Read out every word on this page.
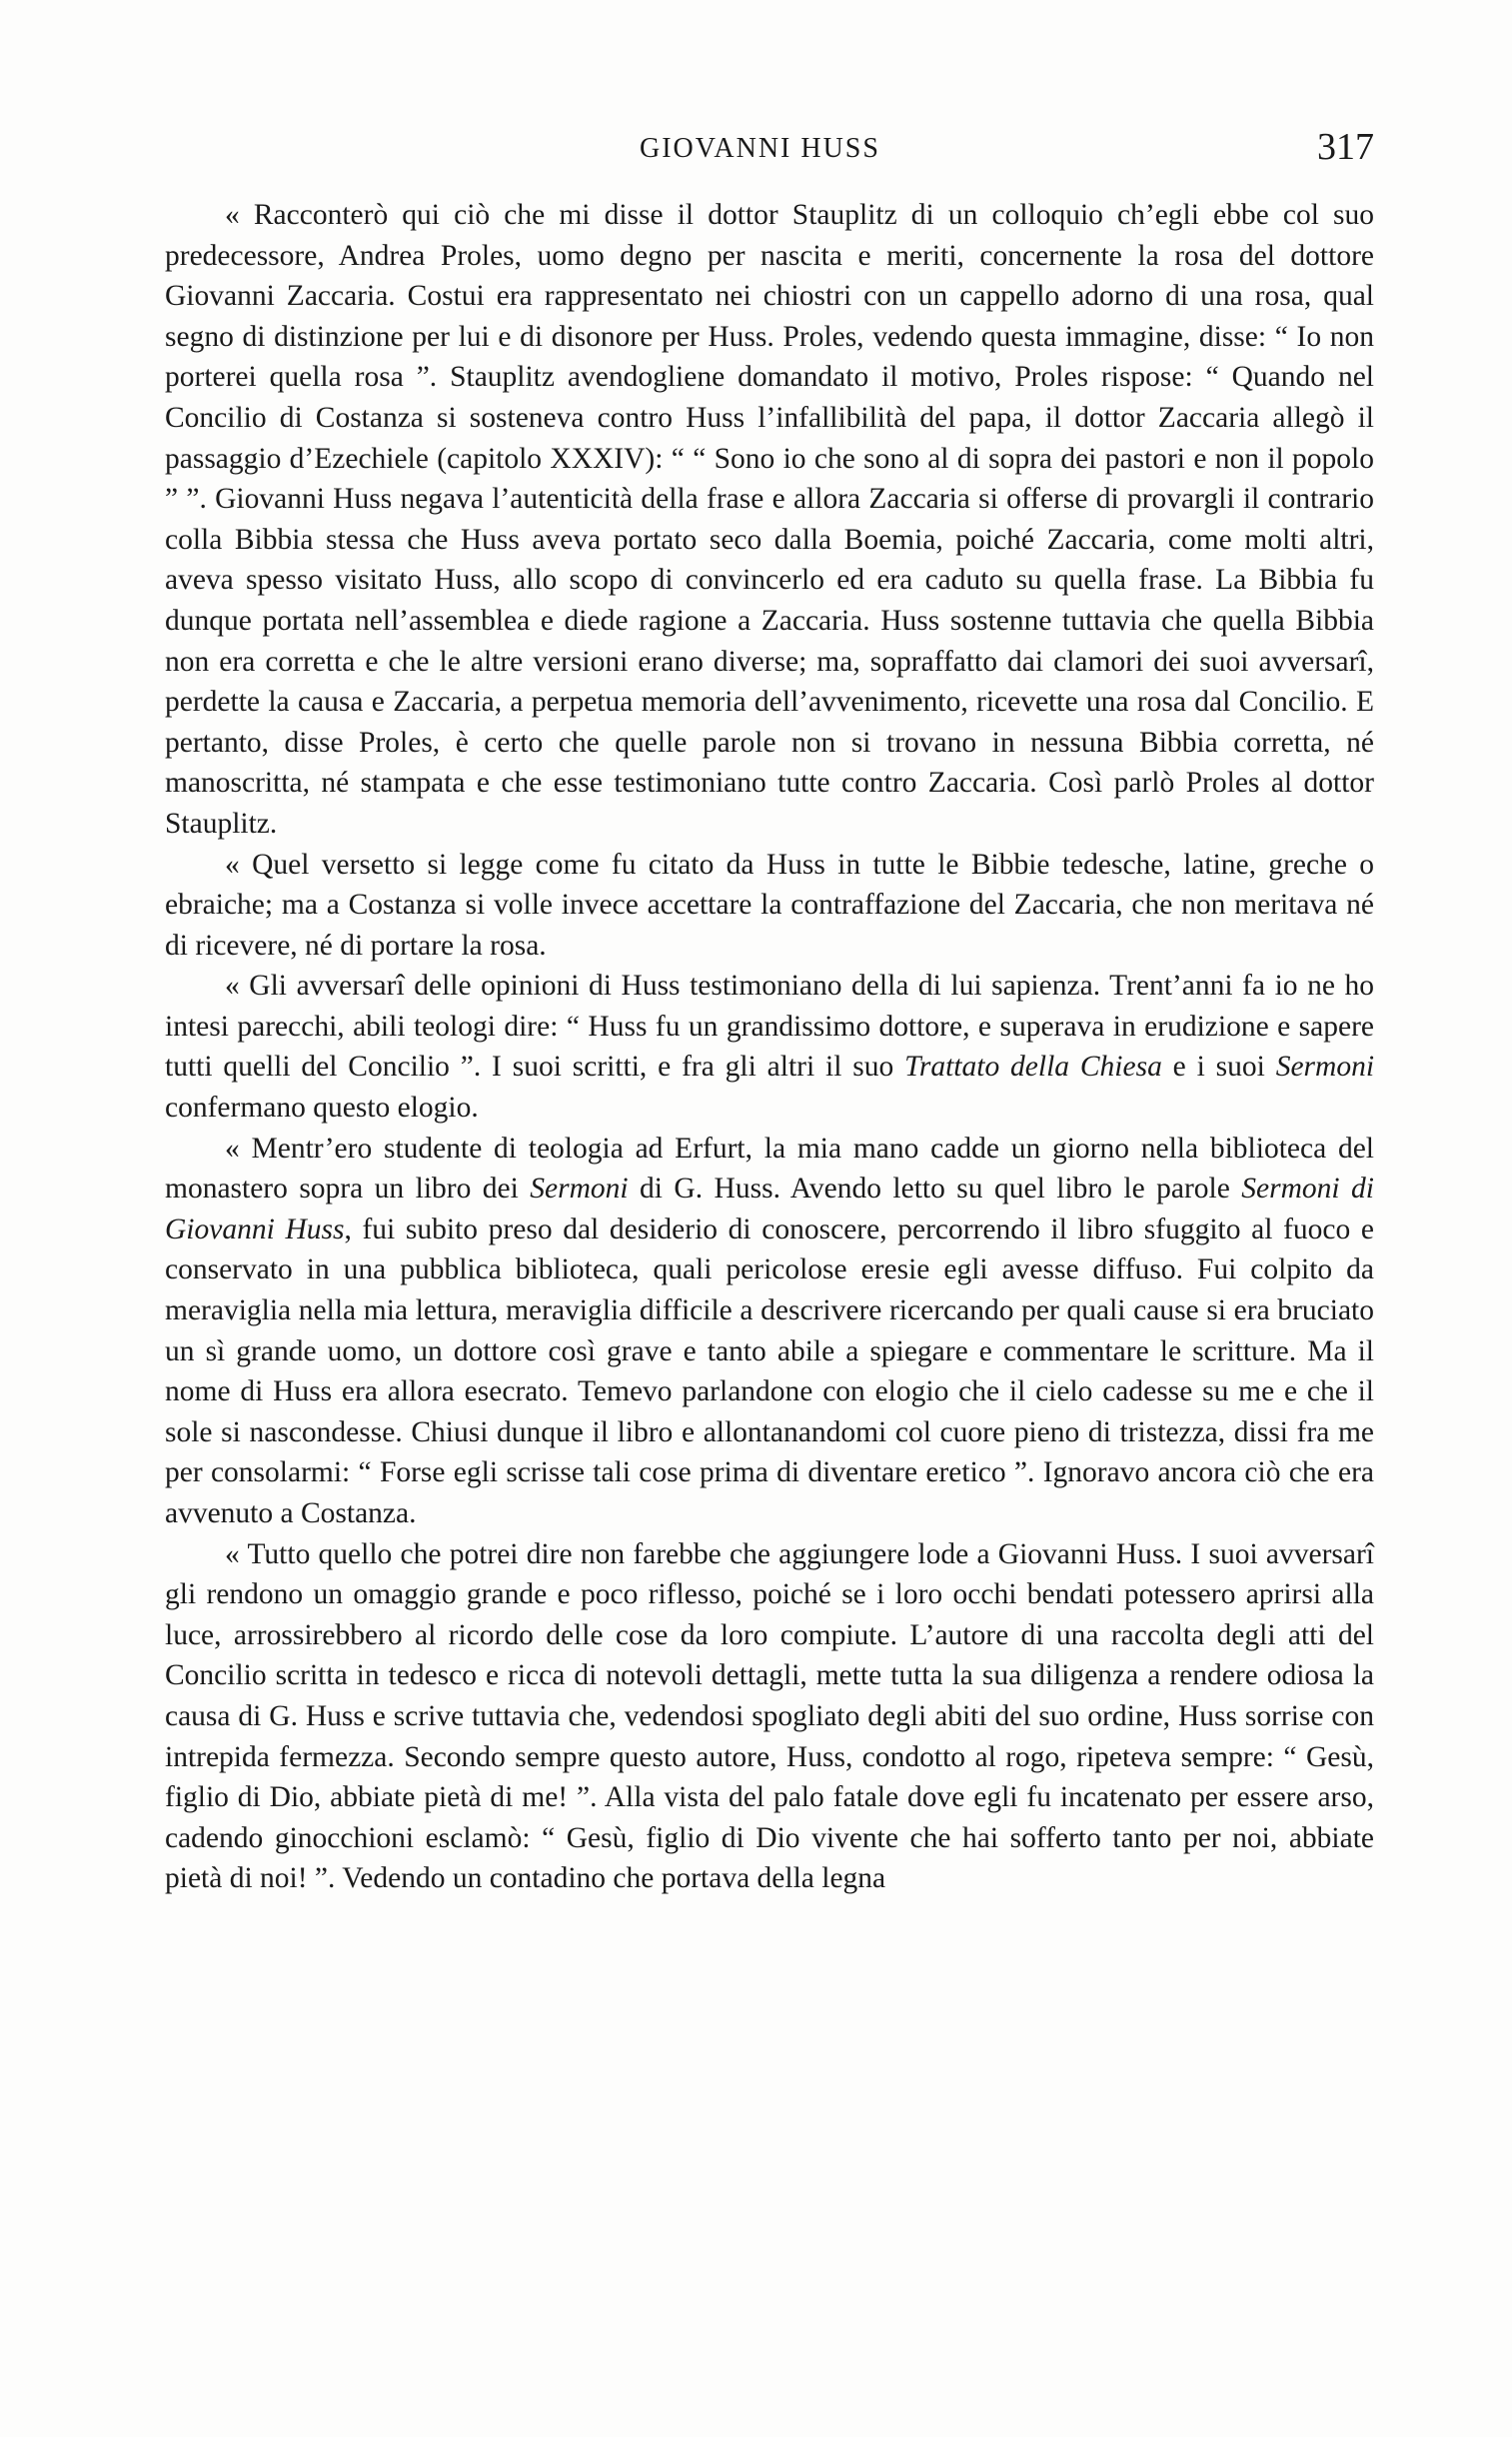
GIOVANNI HUSS	317

« Racconterò qui ciò che mi disse il dottor Stauplitz di un colloquio ch’egli ebbe col suo predecessore, Andrea Proles, uomo degno per nascita e meriti, concernente la rosa del dottore Giovanni Zaccaria. Costui era rappresentato nei chiostri con un cappello adorno di una rosa, qual segno di distinzione per lui e di disonore per Huss. Proles, vedendo questa immagine, disse: “ Io non porterei quella rosa ”. Stauplitz avendogliene domandato il motivo, Proles rispose: “ Quando nel Concilio di Costanza si sosteneva contro Huss l’infallibilità del papa, il dottor Zaccaria allegò il passaggio d’Ezechiele (capitolo XXXIV): “ “ Sono io che sono al di sopra dei pastori e non il popolo ” ”. Giovanni Huss negava l’autenticità della frase e allora Zaccaria si offerse di provargli il contrario colla Bibbia stessa che Huss aveva portato seco dalla Boemia, poiché Zaccaria, come molti altri, aveva spesso visitato Huss, allo scopo di convincerlo ed era caduto su quella frase. La Bibbia fu dunque portata nell’assemblea e diede ragione a Zaccaria. Huss sostenne tuttavia che quella Bibbia non era corretta e che le altre versioni erano diverse; ma, sopraffatto dai clamori dei suoi avversarî, perdette la causa e Zaccaria, a perpetua memoria dell’avvenimento, ricevette una rosa dal Concilio. E pertanto, disse Proles, è certo che quelle parole non si trovano in nessuna Bibbia corretta, né manoscritta, né stampata e che esse testimoniano tutte contro Zaccaria. Così parlò Proles al dottor Stauplitz.

« Quel versetto si legge come fu citato da Huss in tutte le Bibbie tedesche, latine, greche o ebraiche; ma a Costanza si volle invece accettare la contraffazione del Zaccaria, che non meritava né di ricevere, né di portare la rosa.

« Gli avversarî delle opinioni di Huss testimoniano della di lui sapienza. Trent’anni fa io ne ho intesi parecchi, abili teologi dire: “ Huss fu un grandissimo dottore, e superava in erudizione e sapere tutti quelli del Concilio ”. I suoi scritti, e fra gli altri il suo Trattato della Chiesa e i suoi Sermoni confermano questo elogio.

« Mentr’ero studente di teologia ad Erfurt, la mia mano cadde un giorno nella biblioteca del monastero sopra un libro dei Sermoni di G. Huss. Avendo letto su quel libro le parole Sermoni di Giovanni Huss, fui subito preso dal desiderio di conoscere, percorrendo il libro sfuggito al fuoco e conservato in una pubblica biblioteca, quali pericolose eresie egli avesse diffuso. Fui colpito da meraviglia nella mia lettura, meraviglia difficile a descrivere ricercando per quali cause si era bruciato un sì grande uomo, un dottore così grave e tanto abile a spiegare e commentare le scritture. Ma il nome di Huss era allora esecrato. Temevo parlandone con elogio che il cielo cadesse su me e che il sole si nascondesse. Chiusi dunque il libro e allontanandomi col cuore pieno di tristezza, dissi fra me per consolarmi: “ Forse egli scrisse tali cose prima di diventare eretico ”. Ignoravo ancora ciò che era avvenuto a Costanza.

« Tutto quello che potrei dire non farebbe che aggiungere lode a Giovanni Huss. I suoi avversarî gli rendono un omaggio grande e poco riflesso, poiché se i loro occhi bendati potessero aprirsi alla luce, arrossirebbero al ricordo delle cose da loro compiute. L’autore di una raccolta degli atti del Concilio scritta in tedesco e ricca di notevoli dettagli, mette tutta la sua diligenza a rendere odiosa la causa di G. Huss e scrive tuttavia che, vedendosi spogliato degli abiti del suo ordine, Huss sorrise con intrepida fermezza. Secondo sempre questo autore, Huss, condotto al rogo, ripeteva sempre: “ Gesù, figlio di Dio, abbiate pietà di me! ”. Alla vista del palo fatale dove egli fu incatenato per essere arso, cadendo ginocchioni esclamò: “ Gesù, figlio di Dio vivente che hai sofferto tanto per noi, abbiate pietà di noi! ”. Vedendo un contadino che portava della legna
